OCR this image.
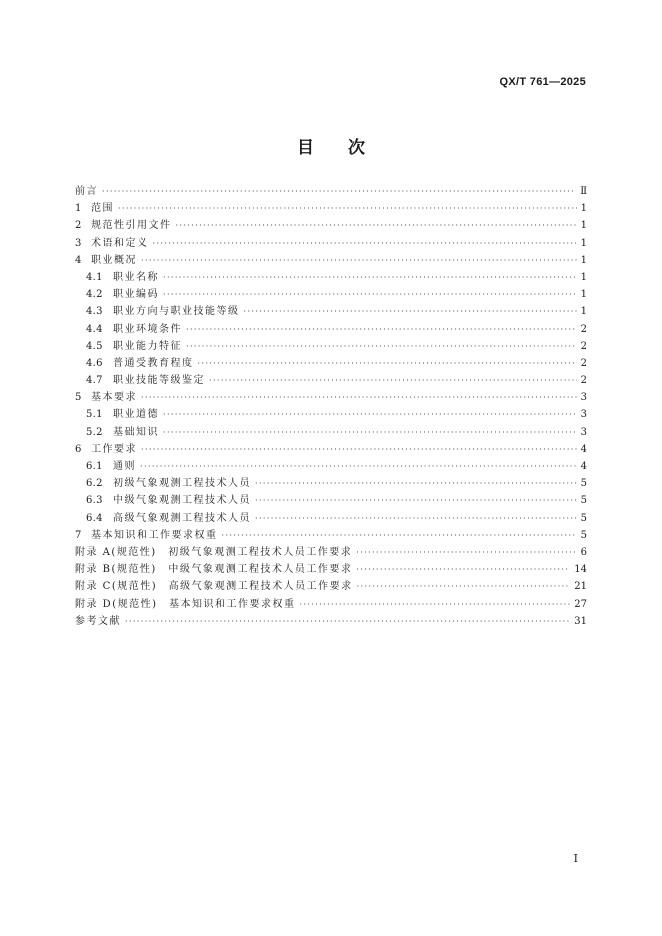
QX/T 761—2025
目 次
前言 ·····	Ⅱ
1 范围 ·····	1
2 规范性引用文件 ·····	1
3 术语和定义 ·····	1
4 职业概况 ·····	1
4.1	职业名称 ·····	1
4.2	职业编码 ·····	1
4.3	职业方向与职业技能等级 ·····	1
4.4	职业环境条件 ·····	2
4.5	职业能力特征 ·····	2
4.6	普通受教育程度 ·····	2
4.7	职业技能等级鉴定 ·····	2
5 基本要求 ·····	3
5.1	职业道德 ·····	3
5.2	基础知识 ·····	3
6 工作要求 ·····	4
6.1	通则 ·····	4
6.2	初级气象观测工程技术人员 ·····	5
6.3	中级气象观测工程技术人员 ·····	5
6.4	高级气象观测工程技术人员 ·····	5
7 基本知识和工作要求权重 ·····	5
附录 A(规范性)　初级气象观测工程技术人员工作要求 ·····	6
附录 B(规范性)　中级气象观测工程技术人员工作要求 ·····	14
附录 C(规范性)　高级气象观测工程技术人员工作要求 ·····	21
附录 D(规范性)　基本知识和工作要求权重 ·····	27
参考文献 ·····	31
Ⅰ
